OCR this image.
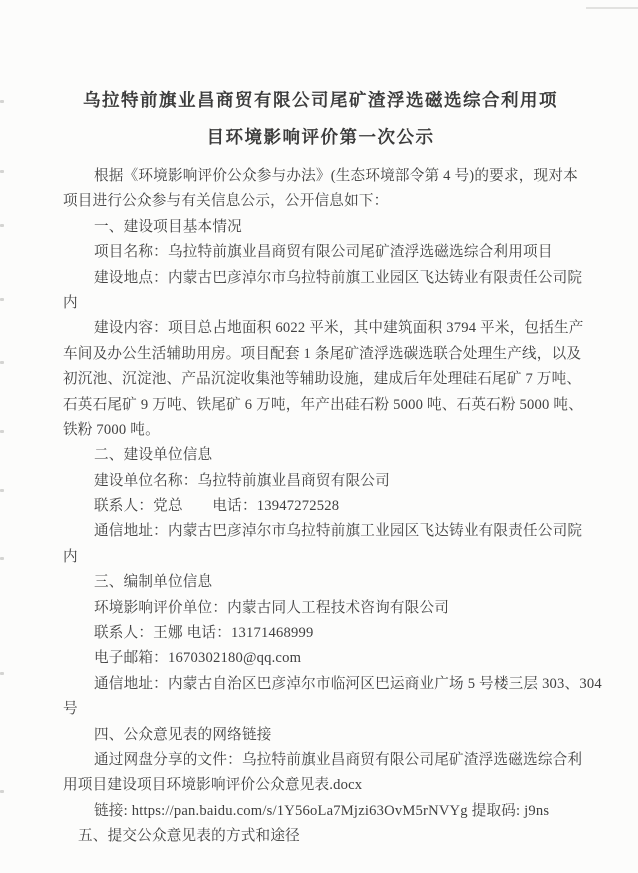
乌拉特前旗业昌商贸有限公司尾矿渣浮选磁选综合利用项
目环境影响评价第一次公示
根据《环境影响评价公众参与办法》(生态环境部令第 4 号)的要求，现对本
项目进行公众参与有关信息公示，公开信息如下：
一、建设项目基本情况
项目名称：乌拉特前旗业昌商贸有限公司尾矿渣浮选磁选综合利用项目
建设地点：内蒙古巴彦淖尔市乌拉特前旗工业园区飞达铸业有限责任公司院
内
建设内容：项目总占地面积 6022 平米，其中建筑面积 3794 平米，包括生产
车间及办公生活辅助用房。项目配套 1 条尾矿渣浮选碳选联合处理生产线，以及
初沉池、沉淀池、产品沉淀收集池等辅助设施，建成后年处理硅石尾矿 7 万吨、
石英石尾矿 9 万吨、铁尾矿 6 万吨，年产出硅石粉 5000 吨、石英石粉 5000 吨、
铁粉 7000 吨。
二、建设单位信息
建设单位名称：乌拉特前旗业昌商贸有限公司
联系人：党总　　电话：13947272528
通信地址：内蒙古巴彦淖尔市乌拉特前旗工业园区飞达铸业有限责任公司院
内
三、编制单位信息
环境影响评价单位：内蒙古同人工程技术咨询有限公司
联系人：王娜 电话：13171468999
电子邮箱：1670302180@qq.com
通信地址：内蒙古自治区巴彦淖尔市临河区巴运商业广场 5 号楼三层 303、304
号
四、公众意见表的网络链接
通过网盘分享的文件：乌拉特前旗业昌商贸有限公司尾矿渣浮选磁选综合利
用项目建设项目环境影响评价公众意见表.docx
链接: https://pan.baidu.com/s/1Y56oLa7Mjzi63OvM5rNVYg 提取码: j9ns
五、提交公众意见表的方式和途径
